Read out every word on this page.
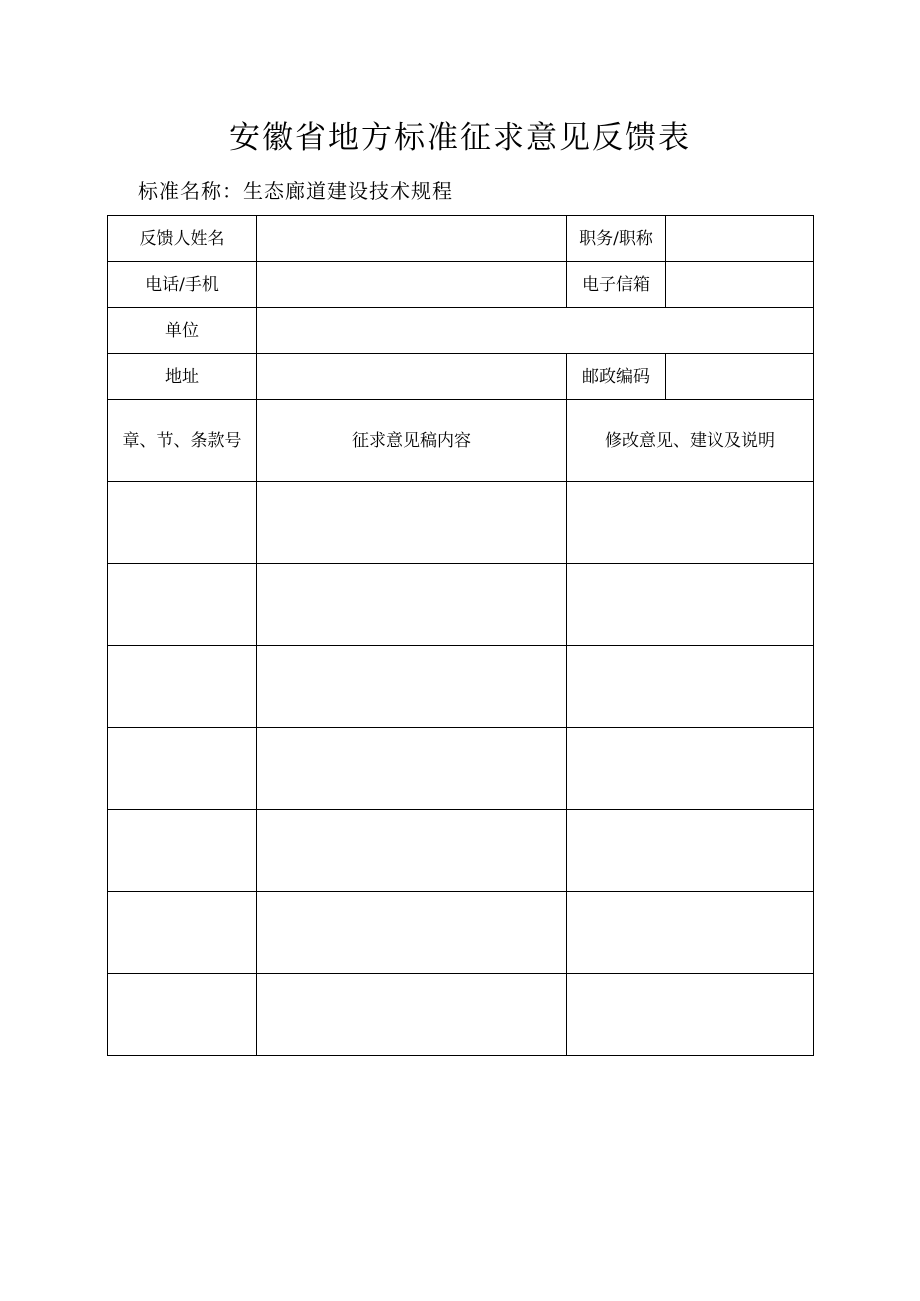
安徽省地方标准征求意见反馈表
标准名称：生态廊道建设技术规程
反馈人姓名		职务/职称	
电话/手机		电子信箱	
单位			
地址		邮政编码	
章、节、条款号	征求意见稿内容	修改意见、建议及说明	
